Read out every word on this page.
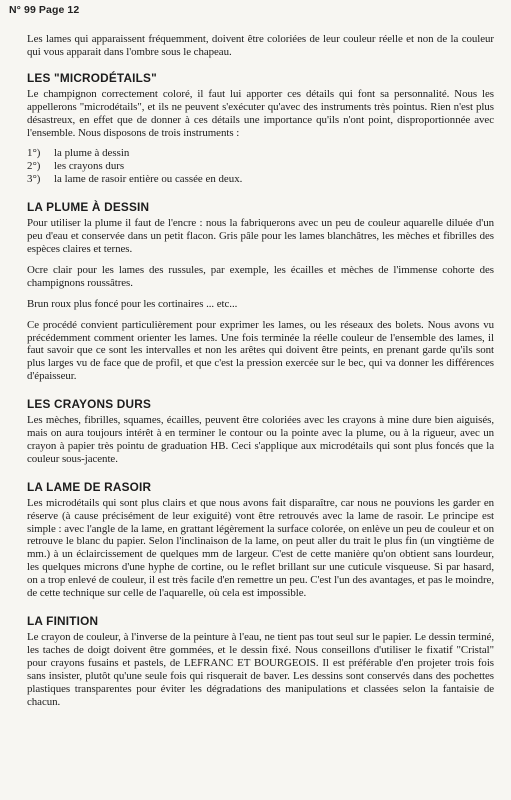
N° 99 Page 12

Les lames qui apparaissent fréquemment, doivent être coloriées de leur couleur réelle et non de la couleur qui vous apparait dans l'ombre sous le chapeau.

LES "MICRODÉTAILS"

Le champignon correctement coloré, il faut lui apporter ces détails qui font sa personnalité. Nous les appellerons "microdétails", et ils ne peuvent s'exécuter qu'avec des instruments très pointus. Rien n'est plus désastreux, en effet que de donner à ces détails une importance qu'ils n'ont point, disproportionnée avec l'ensemble. Nous disposons de trois instruments :

1°)	la plume à dessin
2°)	les crayons durs
3°)	la lame de rasoir entière ou cassée en deux.
LA PLUME À DESSIN

Pour utiliser la plume il faut de l'encre : nous la fabriquerons avec un peu de couleur aquarelle diluée d'un peu d'eau et conservée dans un petit flacon. Gris pâle pour les lames blanchâtres, les mèches et fibrilles des espèces claires et ternes.

Ocre clair pour les lames des russules, par exemple, les écailles et mèches de l'immense cohorte des champignons roussâtres.

Brun roux plus foncé pour les cortinaires ... etc...

Ce procédé convient particulièrement pour exprimer les lames, ou les réseaux des bolets. Nous avons vu précédemment comment orienter les lames. Une fois terminée la réelle couleur de l'ensemble des lames, il faut savoir que ce sont les intervalles et non les arêtes qui doivent être peints, en prenant garde qu'ils sont plus larges vu de face que de profil, et que c'est la pression exercée sur le bec, qui va donner les différences d'épaisseur.

LES CRAYONS DURS

Les mèches, fibrilles, squames, écailles, peuvent être coloriées avec les crayons à mine dure bien aiguisés, mais on aura toujours intérêt à en terminer le contour ou la pointe avec la plume, ou à la rigueur, avec un crayon à papier très pointu de graduation HB. Ceci s'applique aux microdétails qui sont plus foncés que la couleur sous-jacente.

LA LAME DE RASOIR

Les microdétails qui sont plus clairs et que nous avons fait disparaître, car nous ne pouvions les garder en réserve (à cause précisément de leur exiguité) vont être retrouvés avec la lame de rasoir. Le principe est simple : avec l'angle de la lame, en grattant légèrement la surface colorée, on enlève un peu de couleur et on retrouve le blanc du papier. Selon l'inclinaison de la lame, on peut aller du trait le plus fin (un vingtième de mm.) à un éclaircissement de quelques mm de largeur. C'est de cette manière qu'on obtient sans lourdeur, les quelques microns d'une hyphe de cortine, ou le reflet brillant sur une cuticule visqueuse. Si par hasard, on a trop enlevé de couleur, il est très facile d'en remettre un peu. C'est l'un des avantages, et pas le moindre, de cette technique sur celle de l'aquarelle, où cela est impossible.

LA FINITION

Le crayon de couleur, à l'inverse de la peinture à l'eau, ne tient pas tout seul sur le papier. Le dessin terminé, les taches de doigt doivent être gommées, et le dessin fixé. Nous conseillons d'utiliser le fixatif "Cristal" pour crayons fusains et pastels, de LEFRANC ET BOURGEOIS. Il est préférable d'en projeter trois fois sans insister, plutôt qu'une seule fois qui risquerait de baver. Les dessins sont conservés dans des pochettes plastiques transparentes pour éviter les dégradations des manipulations et classées selon la fantaisie de chacun.
